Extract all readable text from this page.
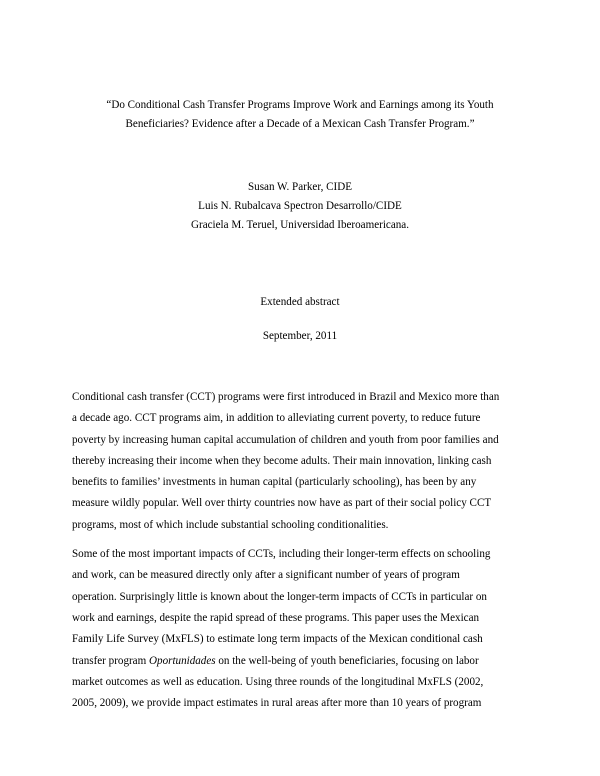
“Do Conditional Cash Transfer Programs Improve Work and Earnings among its Youth
Beneficiaries? Evidence after a Decade of a Mexican Cash Transfer Program.”
Susan W. Parker, CIDE
Luis N. Rubalcava Spectron Desarrollo/CIDE
Graciela M. Teruel, Universidad Iberoamericana.
Extended abstract
September, 2011
Conditional cash transfer (CCT) programs were first introduced in Brazil and Mexico more than
a decade ago. CCT programs aim, in addition to alleviating current poverty, to reduce future
poverty by increasing human capital accumulation of children and youth from poor families and
thereby increasing their income when they become adults. Their main innovation, linking cash
benefits to families’ investments in human capital (particularly schooling), has been by any
measure wildly popular. Well over thirty countries now have as part of their social policy CCT
programs, most of which include substantial schooling conditionalities.
Some of the most important impacts of CCTs, including their longer-term effects on schooling
and work, can be measured directly only after a significant number of years of program
operation. Surprisingly little is known about the longer-term impacts of CCTs in particular on
work and earnings, despite the rapid spread of these programs. This paper uses the Mexican
Family Life Survey (MxFLS) to estimate long term impacts of the Mexican conditional cash
transfer program Oportunidades on the well-being of youth beneficiaries, focusing on labor
market outcomes as well as education. Using three rounds of the longitudinal MxFLS (2002,
2005, 2009), we provide impact estimates in rural areas after more than 10 years of program
